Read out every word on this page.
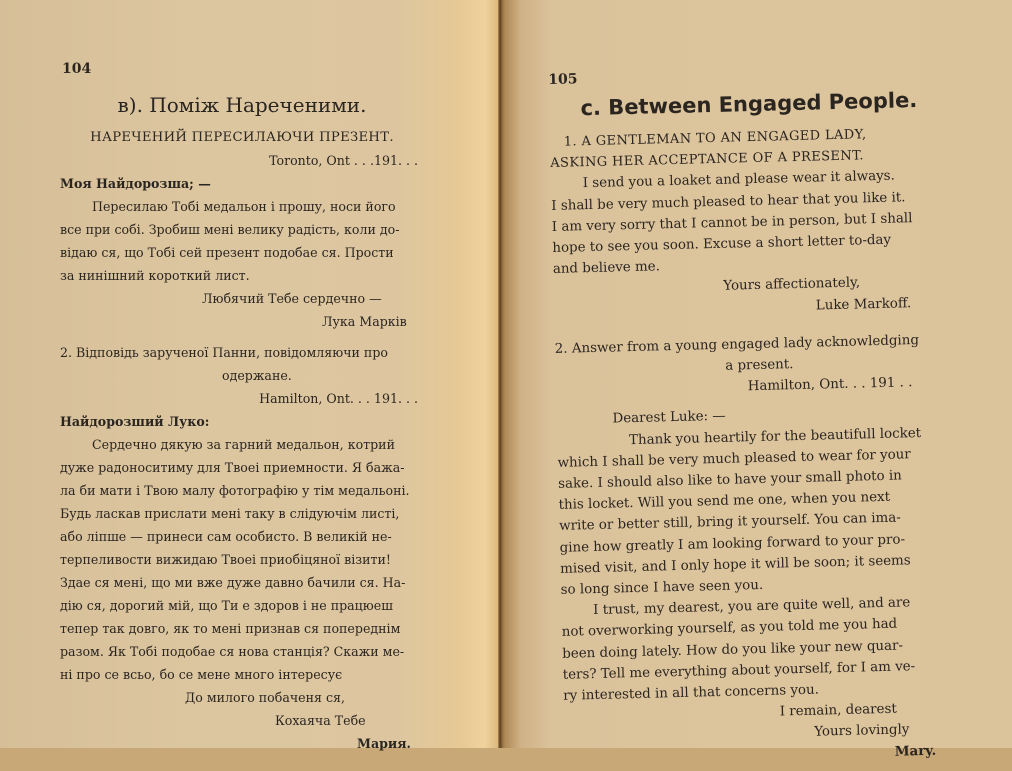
104
в). Поміж Нареченими.
НАРЕЧЕНИЙ ПЕРЕСИЛАЮЧИ ПРЕЗЕНТ.
Toronto, Ont . . .191. . .
Моя Найдорозша; —
Пересилаю Тобі медальон і прошу, носи його
все при собі. Зробиш мені велику радість, коли до-
відаю ся, що Тобі сей презент подобае ся. Прости
за нинішний короткий лист.
Любячий Тебе сердечно —
Лука Марків
2. Відповідь зарученої Панни, повідомляючи про
одержане.
Hamilton, Ont. . . 191. . .
Найдорозший Луко:
Сердечно дякую за гарний медальон, котрий
дуже радоноситиму для Твоеі приемности. Я бажа-
ла би мати і Твою малу фотографію у тім медальоні.
Будь ласкав прислати мені таку в слідуючім листі,
або ліпше — принеси сам особисто. В великій не-
терпеливости вижидаю Твоеі приобіцяної візити!
Здае ся мені, що ми вже дуже давно бачили ся. На-
дію ся, дорогий мій, що Ти е здоров і не працюеш
тепер так довго, як то мені признав ся попереднім
разом. Як Тобі подобае ся нова станція? Скажи ме-
ні про се всьо, бо се мене много інтересує
До милого побаченя ся,
Кохаяча Тебе
Мария.
105
c. Between Engaged People.
1. A GENTLEMAN TO AN ENGAGED LADY,
ASKING HER ACCEPTANCE OF A PRESENT.
I send you a loaket and please wear it always.
I shall be very much pleased to hear that you like it.
I am very sorry that I cannot be in person, but I shall
hope to see you soon. Excuse a short letter to-day
and believe me.
Yours affectionately,
Luke Markoff.
2. Answer from a young engaged lady acknowledging
a present.
Hamilton, Ont. . . 191 . .
Dearest Luke: —
Thank you heartily for the beautifull locket
which I shall be very much pleased to wear for your
sake. I should also like to have your small photo in
this locket. Will you send me one, when you next
write or better still, bring it yourself. You can ima-
gine how greatly I am looking forward to your pro-
mised visit, and I only hope it will be soon; it seems
so long since I have seen you.
I trust, my dearest, you are quite well, and are
not overworking yourself, as you told me you had
been doing lately. How do you like your new quar-
ters? Tell me everything about yourself, for I am ve-
ry interested in all that concerns you.
I remain, dearest
Yours lovingly
Mary.
